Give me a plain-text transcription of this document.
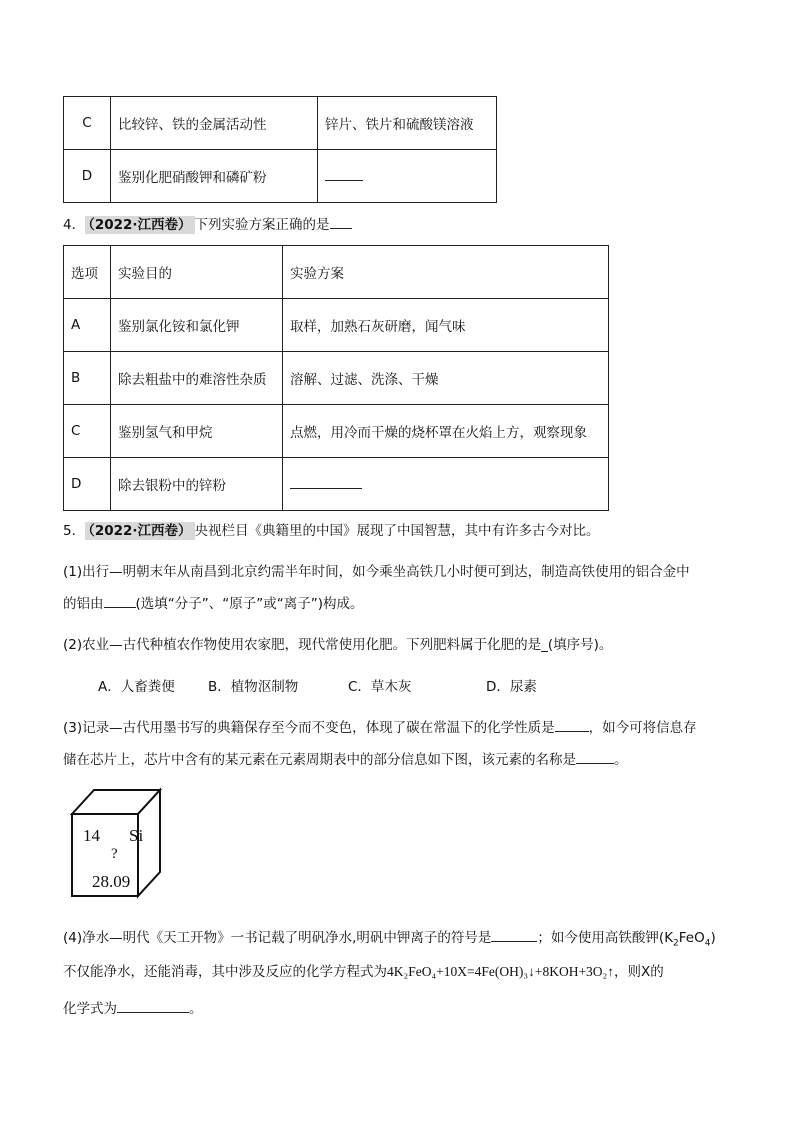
C	比较锌、铁的金属活动性	锌片、铁片和硫酸镁溶液
D	鉴别化肥硝酸钾和磷矿粉	
4． （2022·江西卷） 下列实验方案正确的是
选项	实验目的	实验方案
A	鉴别氯化铵和氯化钾	取样，加熟石灰研磨，闻气味
B	除去粗盐中的难溶性杂质	溶解、过滤、洗涤、干燥
C	鉴别氢气和甲烷	点燃，用冷而干燥的烧杯罩在火焰上方，观察现象
D	除去银粉中的锌粉	
5． （2022·江西卷） 央视栏目《典籍里的中国》展现了中国智慧，其中有许多古今对比。
(1)出行—明朝末年从南昌到北京约需半年时间，如今乘坐高铁几小时便可到达，制造高铁使用的铝合金中
的铝由 (选填“分子”、“原子”或“离子”)构成。
(2)农业—古代种植农作物使用农家肥，现代常使用化肥。下列肥料属于化肥的是_(填序号)。
A．人畜粪便 B．植物沤制物	C．草木灰	D．尿素
(3)记录—古代用墨书写的典籍保存至今而不变色，体现了碳在常温下的化学性质是	，如今可将信息存
储在芯片上，芯片中含有的某元素在元素周期表中的部分信息如下图，该元素的名称是	。
14 Si
?
28.09
(4)净水—明代《天工开物》一书记载了明矾净水,明矾中钾离子的符号是	；如今使用高铁酸钾$(K_2FeO_4)$
不仅能净水，还能消毒，其中涉及反应的化学方程式为4K₂FeO₄+10X=4Fe(OH)₃↓+8KOH+3O₂↑，则X的
化学式为	。
